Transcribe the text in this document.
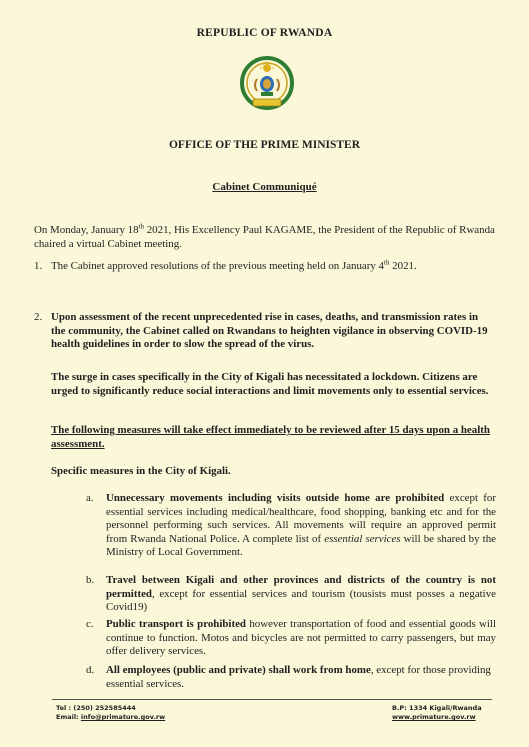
REPUBLIC OF RWANDA
OFFICE OF THE PRIME MINISTER
Cabinet Communiqué
On Monday, January 18th 2021, His Excellency Paul KAGAME, the President of the Republic of Rwanda chaired a virtual Cabinet meeting.
1. The Cabinet approved resolutions of the previous meeting held on January 4th 2021.
2. Upon assessment of the recent unprecedented rise in cases, deaths, and transmission rates in the community, the Cabinet called on Rwandans to heighten vigilance in observing COVID-19 health guidelines in order to slow the spread of the virus.
The surge in cases specifically in the City of Kigali has necessitated a lockdown. Citizens are urged to significantly reduce social interactions and limit movements only to essential services.
The following measures will take effect immediately to be reviewed after 15 days upon a health assessment.
Specific measures in the City of Kigali.
a. Unnecessary movements including visits outside home are prohibited except for essential services including medical/healthcare, food shopping, banking etc and for the personnel performing such services. All movements will require an approved permit from Rwanda National Police. A complete list of essential services will be shared by the Ministry of Local Government.
b. Travel between Kigali and other provinces and districts of the country is not permitted, except for essential services and tourism (tousists must posses a negative Covid19)
c. Public transport is prohibited however transportation of food and essential goods will continue to function. Motos and bicycles are not permitted to carry passengers, but may offer delivery services.
d. All employees (public and private) shall work from home, except for those providing essential services.
Tel : (250) 252585444
Email: info@primature.gov.rw
B.P: 1334 Kigali/Rwanda
www.primature.gov.rw
